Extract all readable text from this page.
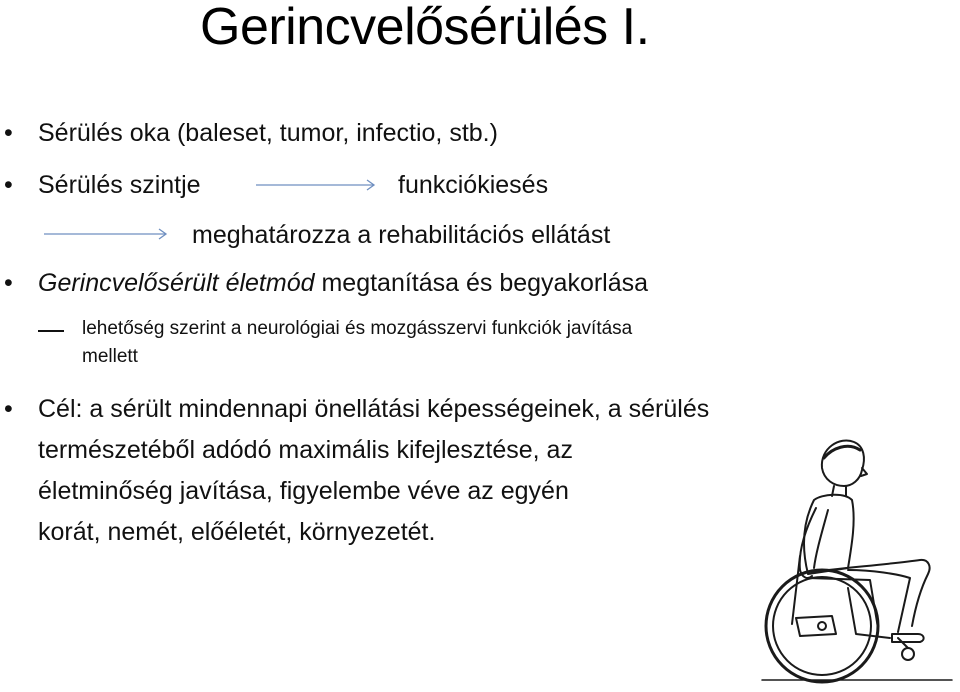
Gerincvelősérülés I.
• Sérülés oka (baleset, tumor, infectio, stb.)
• Sérülés szintje	funkciókiesés
meghatározza a rehabilitációs ellátást
• Gerincvelősérült életmód megtanítása és begyakorlása
lehetőség szerint a neurológiai és mozgásszervi funkciók javítása
mellett
• Cél: a sérült mindennapi önellátási képességeinek, a sérülés
természetéből adódó maximális kifejlesztése, az
életminőség javítása, figyelembe véve az egyén
korát, nemét, előéletét, környezetét.
